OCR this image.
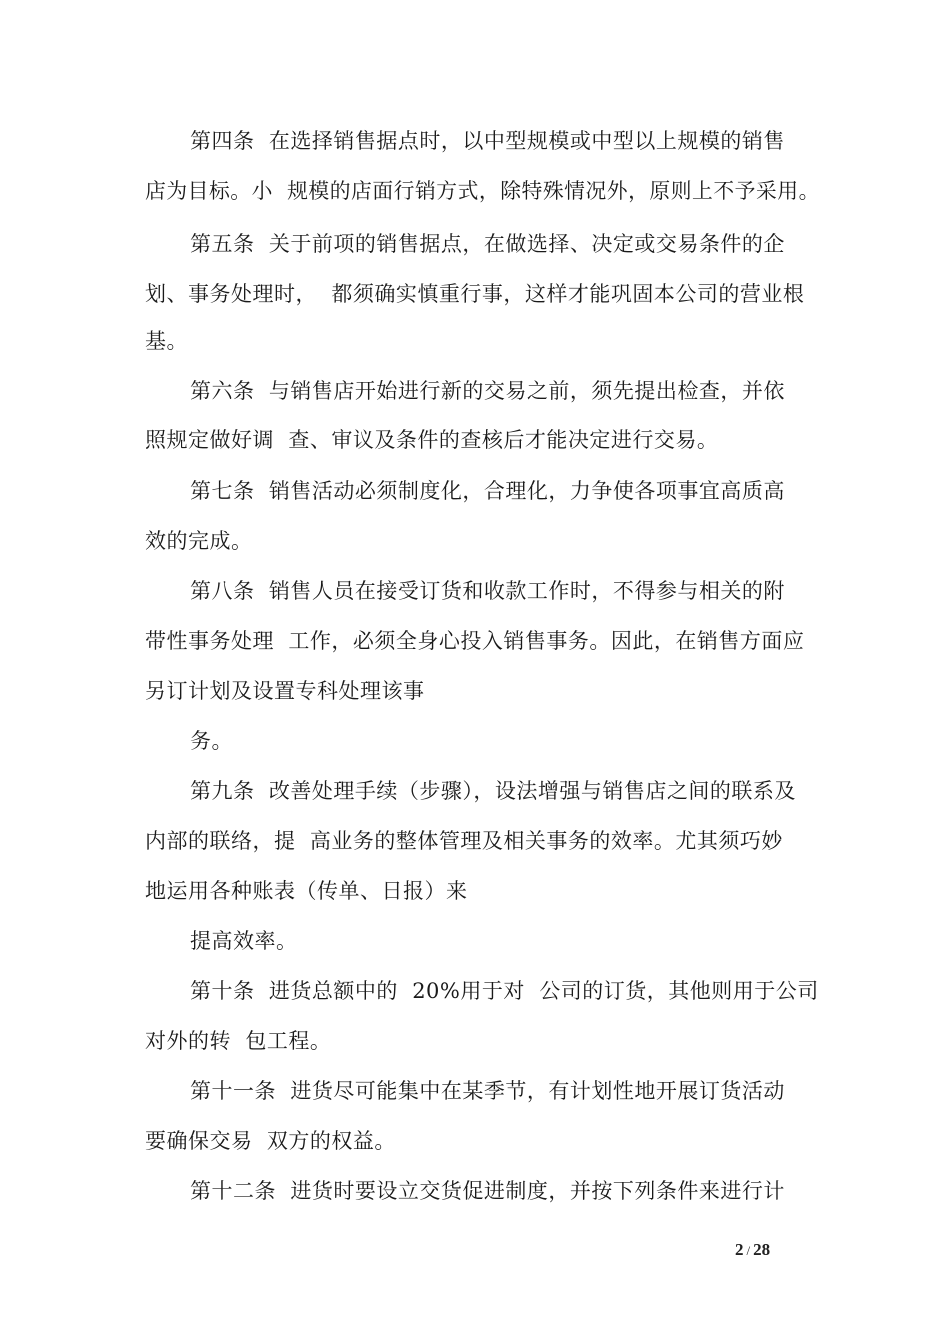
第四条  在选择销售据点时，以中型规模或中型以上规模的销售
店为目标。小  规模的店面行销方式，除特殊情况外，原则上不予采用。
第五条  关于前项的销售据点，在做选择、决定或交易条件的企
划、事务处理时，  都须确实慎重行事，这样才能巩固本公司的营业根
基。
第六条  与销售店开始进行新的交易之前，须先提出检查，并依
照规定做好调  查、审议及条件的查核后才能决定进行交易。
第七条  销售活动必须制度化，合理化，力争使各项事宜高质高
效的完成。
第八条  销售人员在接受订货和收款工作时，不得参与相关的附
带性事务处理  工作，必须全身心投入销售事务。因此，在销售方面应
另订计划及设置专科处理该事
务。
第九条  改善处理手续（步骤），设法增强与销售店之间的联系及
内部的联络，提  高业务的整体管理及相关事务的效率。尤其须巧妙
地运用各种账表（传单、日报）来
提高效率。
第十条  进货总额中的  20%用于对  公司的订货，其他则用于公司
对外的转  包工程。
第十一条  进货尽可能集中在某季节，有计划性地开展订货活动
要确保交易  双方的权益。
第十二条  进货时要设立交货促进制度，并按下列条件来进行计
2 / 28
